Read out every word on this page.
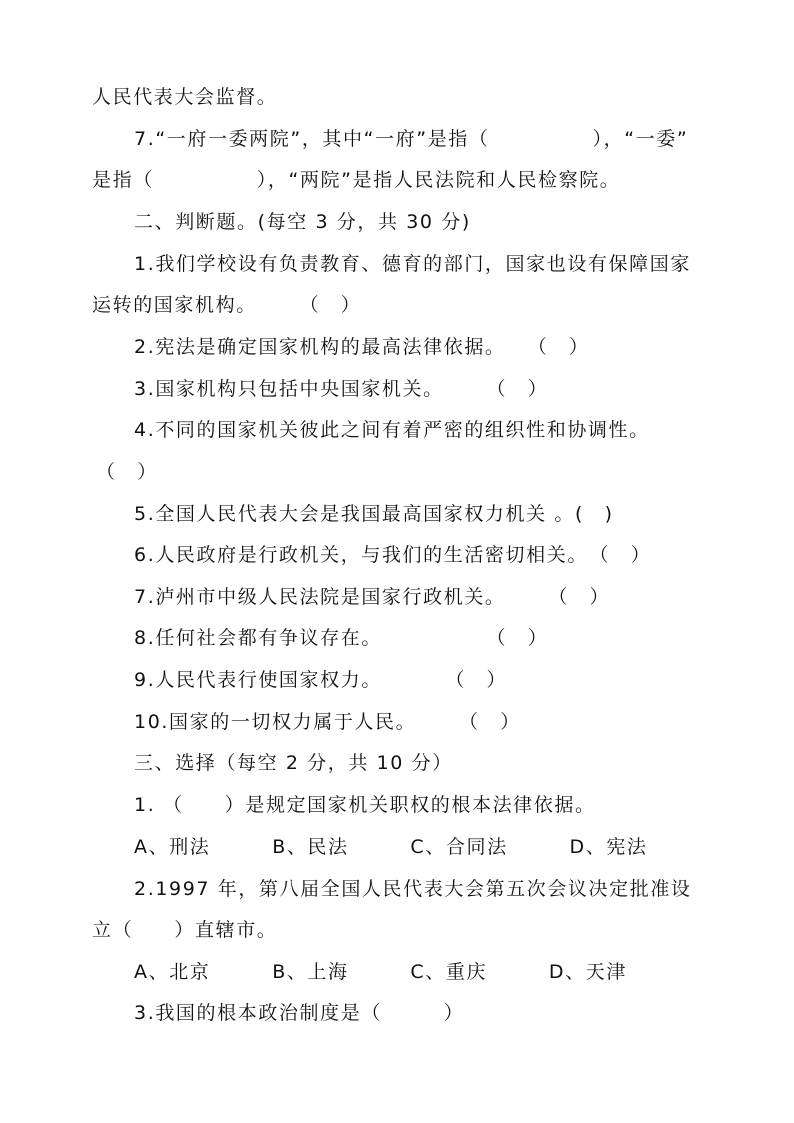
人民代表大会监督。
7.“一府一委两院”，其中“一府”是指（　　　　　），“一委”
是指（　　　　　），“两院”是指人民法院和人民检察院。
二、判断题。(每空 3 分，共 30 分)
1.我们学校设有负责教育、德育的部门，国家也设有保障国家
运转的国家机构。　　　（　）
2.宪法是确定国家机构的最高法律依据。　　（　）
3.国家机构只包括中央国家机关。　　　（　）
4.不同的国家机关彼此之间有着严密的组织性和协调性。
（　）
5.全国人民代表大会是我国最高国家权力机关 。(　)
6.人民政府是行政机关，与我们的生活密切相关。　（　）
7.泸州市中级人民法院是国家行政机关。　　　（　）
8.任何社会都有争议存在。　　　　　　（　）
9.人民代表行使国家权力。　　　　（　）
10.国家的一切权力属于人民。　　　（　）
三、选择（每空 2 分，共 10 分）
1. （　　）是规定国家机关职权的根本法律依据。
A、刑法　　　B、民法　　　C、合同法　　　D、宪法
2.1997 年，第八届全国人民代表大会第五次会议决定批准设
立（　　）直辖市。
A、北京　　　B、上海　　　C、重庆　　　D、天津
3.我国的根本政治制度是（　　　）
